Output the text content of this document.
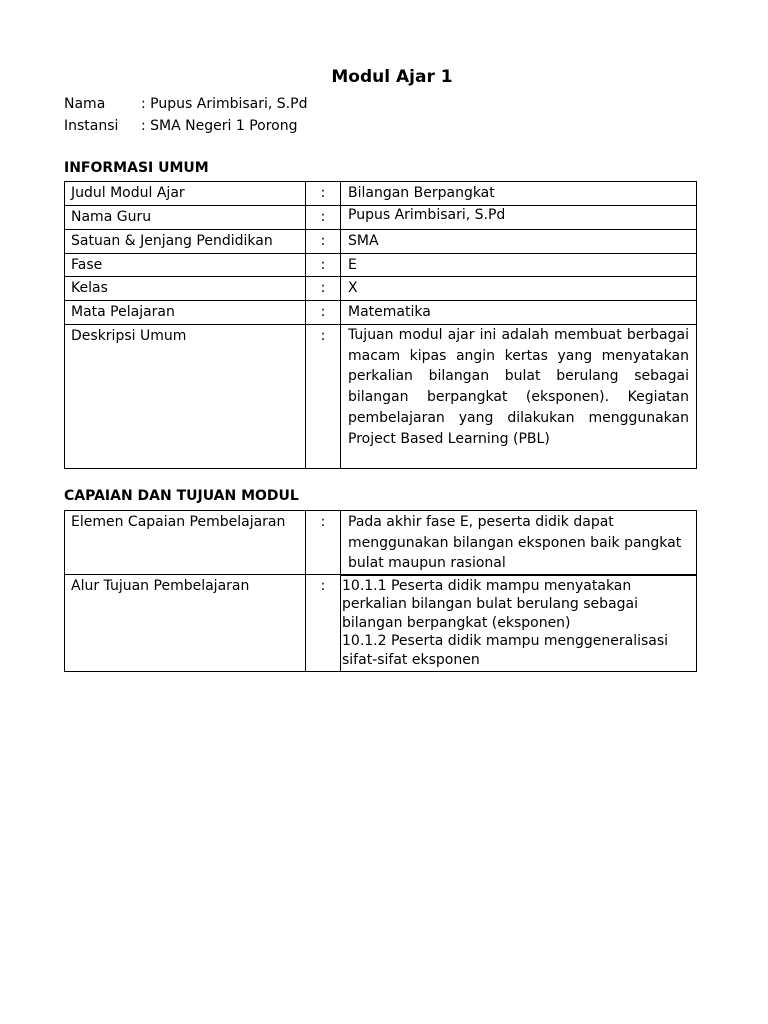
Modul Ajar 1
Nama	: Pupus Arimbisari, S.Pd
Instansi : SMA Negeri 1 Porong
INFORMASI UMUM
Judul Modul Ajar	:	Bilangan Berpangkat
Nama Guru	:	Pupus Arimbisari, S.Pd
Satuan & Jenjang Pendidikan	:	SMA
Fase	:	E
Kelas	:	X
Mata Pelajaran	:	Matematika
Deskripsi Umum	:	Tujuan modul ajar ini adalah membuat berbagai macam kipas angin kertas yang menyatakan perkalian bilangan bulat berulang sebagai bilangan berpangkat (eksponen). Kegiatan pembelajaran yang dilakukan menggunakan Project Based Learning (PBL)
CAPAIAN DAN TUJUAN MODUL
Elemen Capaian Pembelajaran	:	Pada akhir fase E, peserta didik dapat menggunakan bilangan eksponen baik pangkat bulat maupun rasional
Alur Tujuan Pembelajaran	:	10.1.1 Peserta didik mampu menyatakan perkalian bilangan bulat berulang sebagai bilangan berpangkat (eksponen)
10.1.2 Peserta didik mampu menggeneralisasi sifat-sifat eksponen
